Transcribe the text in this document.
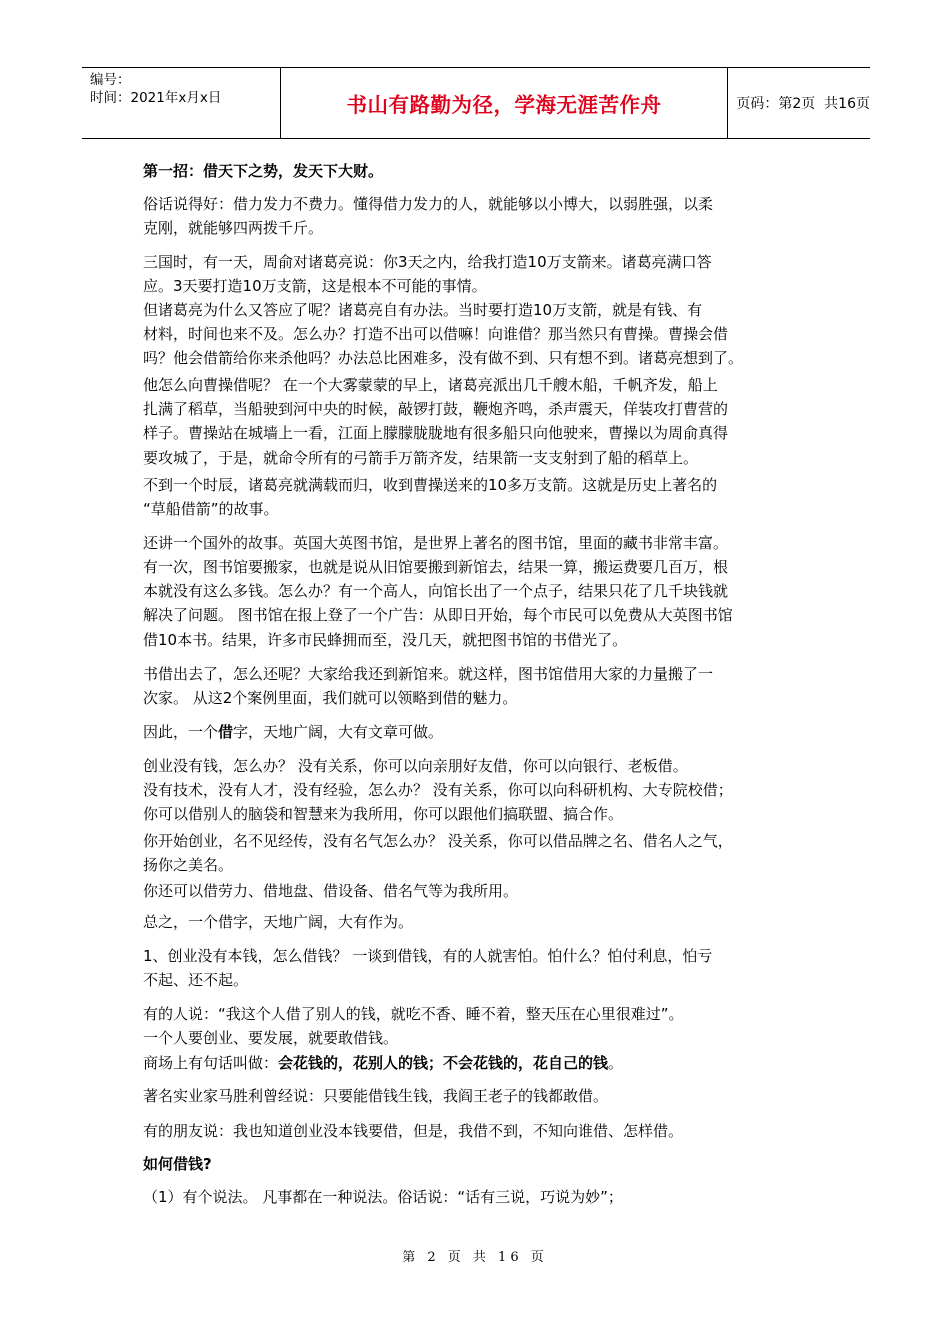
编号：
时间：2021年x月x日	书山有路勤为径，学海无涯苦作舟	页码：第2页  共16页
第一招：借天下之势，发天下大财。
俗话说得好：借力发力不费力。懂得借力发力的人，就能够以小博大，以弱胜强，以柔
克刚，就能够四两拨千斤。
三国时，有一天，周俞对诸葛亮说：你3天之内，给我打造10万支箭来。诸葛亮满口答
应。3天要打造10万支箭，这是根本不可能的事情。
但诸葛亮为什么又答应了呢？诸葛亮自有办法。当时要打造10万支箭，就是有钱、有
材料，时间也来不及。怎么办？打造不出可以借嘛！向谁借？那当然只有曹操。曹操会借
吗？他会借箭给你来杀他吗？办法总比困难多，没有做不到、只有想不到。诸葛亮想到了。
他怎么向曹操借呢？ 在一个大雾蒙蒙的早上，诸葛亮派出几千艘木船，千帆齐发，船上
扎满了稻草，当船驶到河中央的时候，敲锣打鼓，鞭炮齐鸣，杀声震天，佯装攻打曹营的
样子。曹操站在城墙上一看，江面上朦朦胧胧地有很多船只向他驶来，曹操以为周俞真得
要攻城了，于是，就命令所有的弓箭手万箭齐发，结果箭一支支射到了船的稻草上。
不到一个时辰，诸葛亮就满载而归，收到曹操送来的10多万支箭。这就是历史上著名的
“草船借箭”的故事。
还讲一个国外的故事。英国大英图书馆，是世界上著名的图书馆，里面的藏书非常丰富。
有一次，图书馆要搬家，也就是说从旧馆要搬到新馆去，结果一算，搬运费要几百万，根
本就没有这么多钱。怎么办？有一个高人，向馆长出了一个点子，结果只花了几千块钱就
解决了问题。 图书馆在报上登了一个广告：从即日开始，每个市民可以免费从大英图书馆
借10本书。结果，许多市民蜂拥而至，没几天，就把图书馆的书借光了。
书借出去了，怎么还呢？大家给我还到新馆来。就这样，图书馆借用大家的力量搬了一
次家。 从这2个案例里面，我们就可以领略到借的魅力。
因此，一个借字，天地广阔，大有文章可做。
创业没有钱，怎么办？ 没有关系，你可以向亲朋好友借，你可以向银行、老板借。
没有技术，没有人才，没有经验，怎么办？ 没有关系，你可以向科研机构、大专院校借；
你可以借别人的脑袋和智慧来为我所用，你可以跟他们搞联盟、搞合作。
你开始创业，名不见经传，没有名气怎么办？ 没关系，你可以借品牌之名、借名人之气，
扬你之美名。
你还可以借劳力、借地盘、借设备、借名气等为我所用。
总之，一个借字，天地广阔，大有作为。
1、创业没有本钱，怎么借钱？ 一谈到借钱，有的人就害怕。怕什么？怕付利息，怕亏
不起、还不起。
有的人说：“我这个人借了别人的钱，就吃不香、睡不着，整天压在心里很难过”。
一个人要创业、要发展，就要敢借钱。
商场上有句话叫做：会花钱的，花别人的钱；不会花钱的，花自己的钱。
著名实业家马胜利曾经说：只要能借钱生钱，我阎王老子的钱都敢借。
有的朋友说：我也知道创业没本钱要借，但是，我借不到，不知向谁借、怎样借。
如何借钱?
（1）有个说法。 凡事都在一种说法。俗话说：“话有三说，巧说为妙”；
第 2 页 共 16 页
